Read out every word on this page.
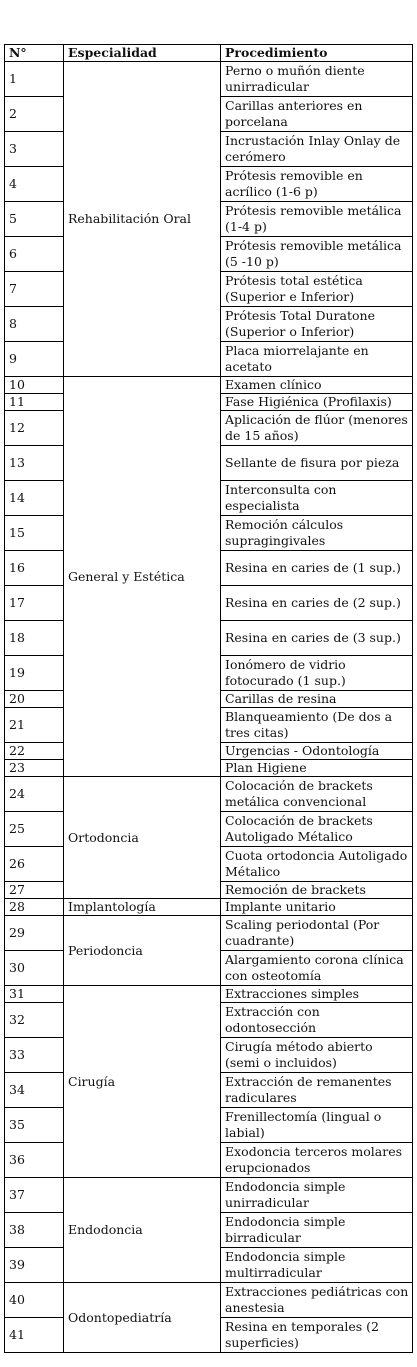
N°	Especialidad	Procedimiento
1	Rehabilitación Oral	Perno o muñón diente unirradicular
2		Carillas anteriores en porcelana
3		Incrustación Inlay Onlay de cerómero
4		Prótesis removible en acrílico (1-6 p)
5		Prótesis removible metálica (1-4 p)
6		Prótesis removible metálica (5 -10 p)
7		Prótesis total estética (Superior e Inferior)
8		Prótesis Total Duratone (Superior o Inferior)
9		Placa miorrelajante en acetato
10	General y Estética	Examen clínico
11		Fase Higiénica (Profilaxis)
12		Aplicación de flúor (menores de 15 años)
13		Sellante de fisura por pieza
14		Interconsulta con especialista
15		Remoción cálculos supragingivales
16		Resina en caries de (1 sup.)
17		Resina en caries de (2 sup.)
18		Resina en caries de (3 sup.)
19		Ionómero de vidrio fotocurado (1 sup.)
20		Carillas de resina
21		Blanqueamiento (De dos a tres citas)
22		Urgencias - Odontología
23		Plan Higiene
24	Ortodoncia	Colocación de brackets metálica convencional
25		Colocación de brackets Autoligado Métalico
26		Cuota ortodoncia Autoligado Métalico
27		Remoción de brackets
28	Implantología	Implante unitario
29	Periodoncia	Scaling periodontal (Por cuadrante)
30		Alargamiento corona clínica con osteotomía
31	Cirugía	Extracciones simples
32		Extracción con odontosección
33		Cirugía método abierto (semi o incluidos)
34		Extracción de remanentes radiculares
35		Frenillectomía (lingual o labial)
36		Exodoncia terceros molares erupcionados
37	Endodoncia	Endodoncia simple unirradicular
38		Endodoncia simple birradicular
39		Endodoncia simple multirradicular
40	Odontopediatría	Extracciones pediátricas con anestesia
41		Resina en temporales (2 superficies)
